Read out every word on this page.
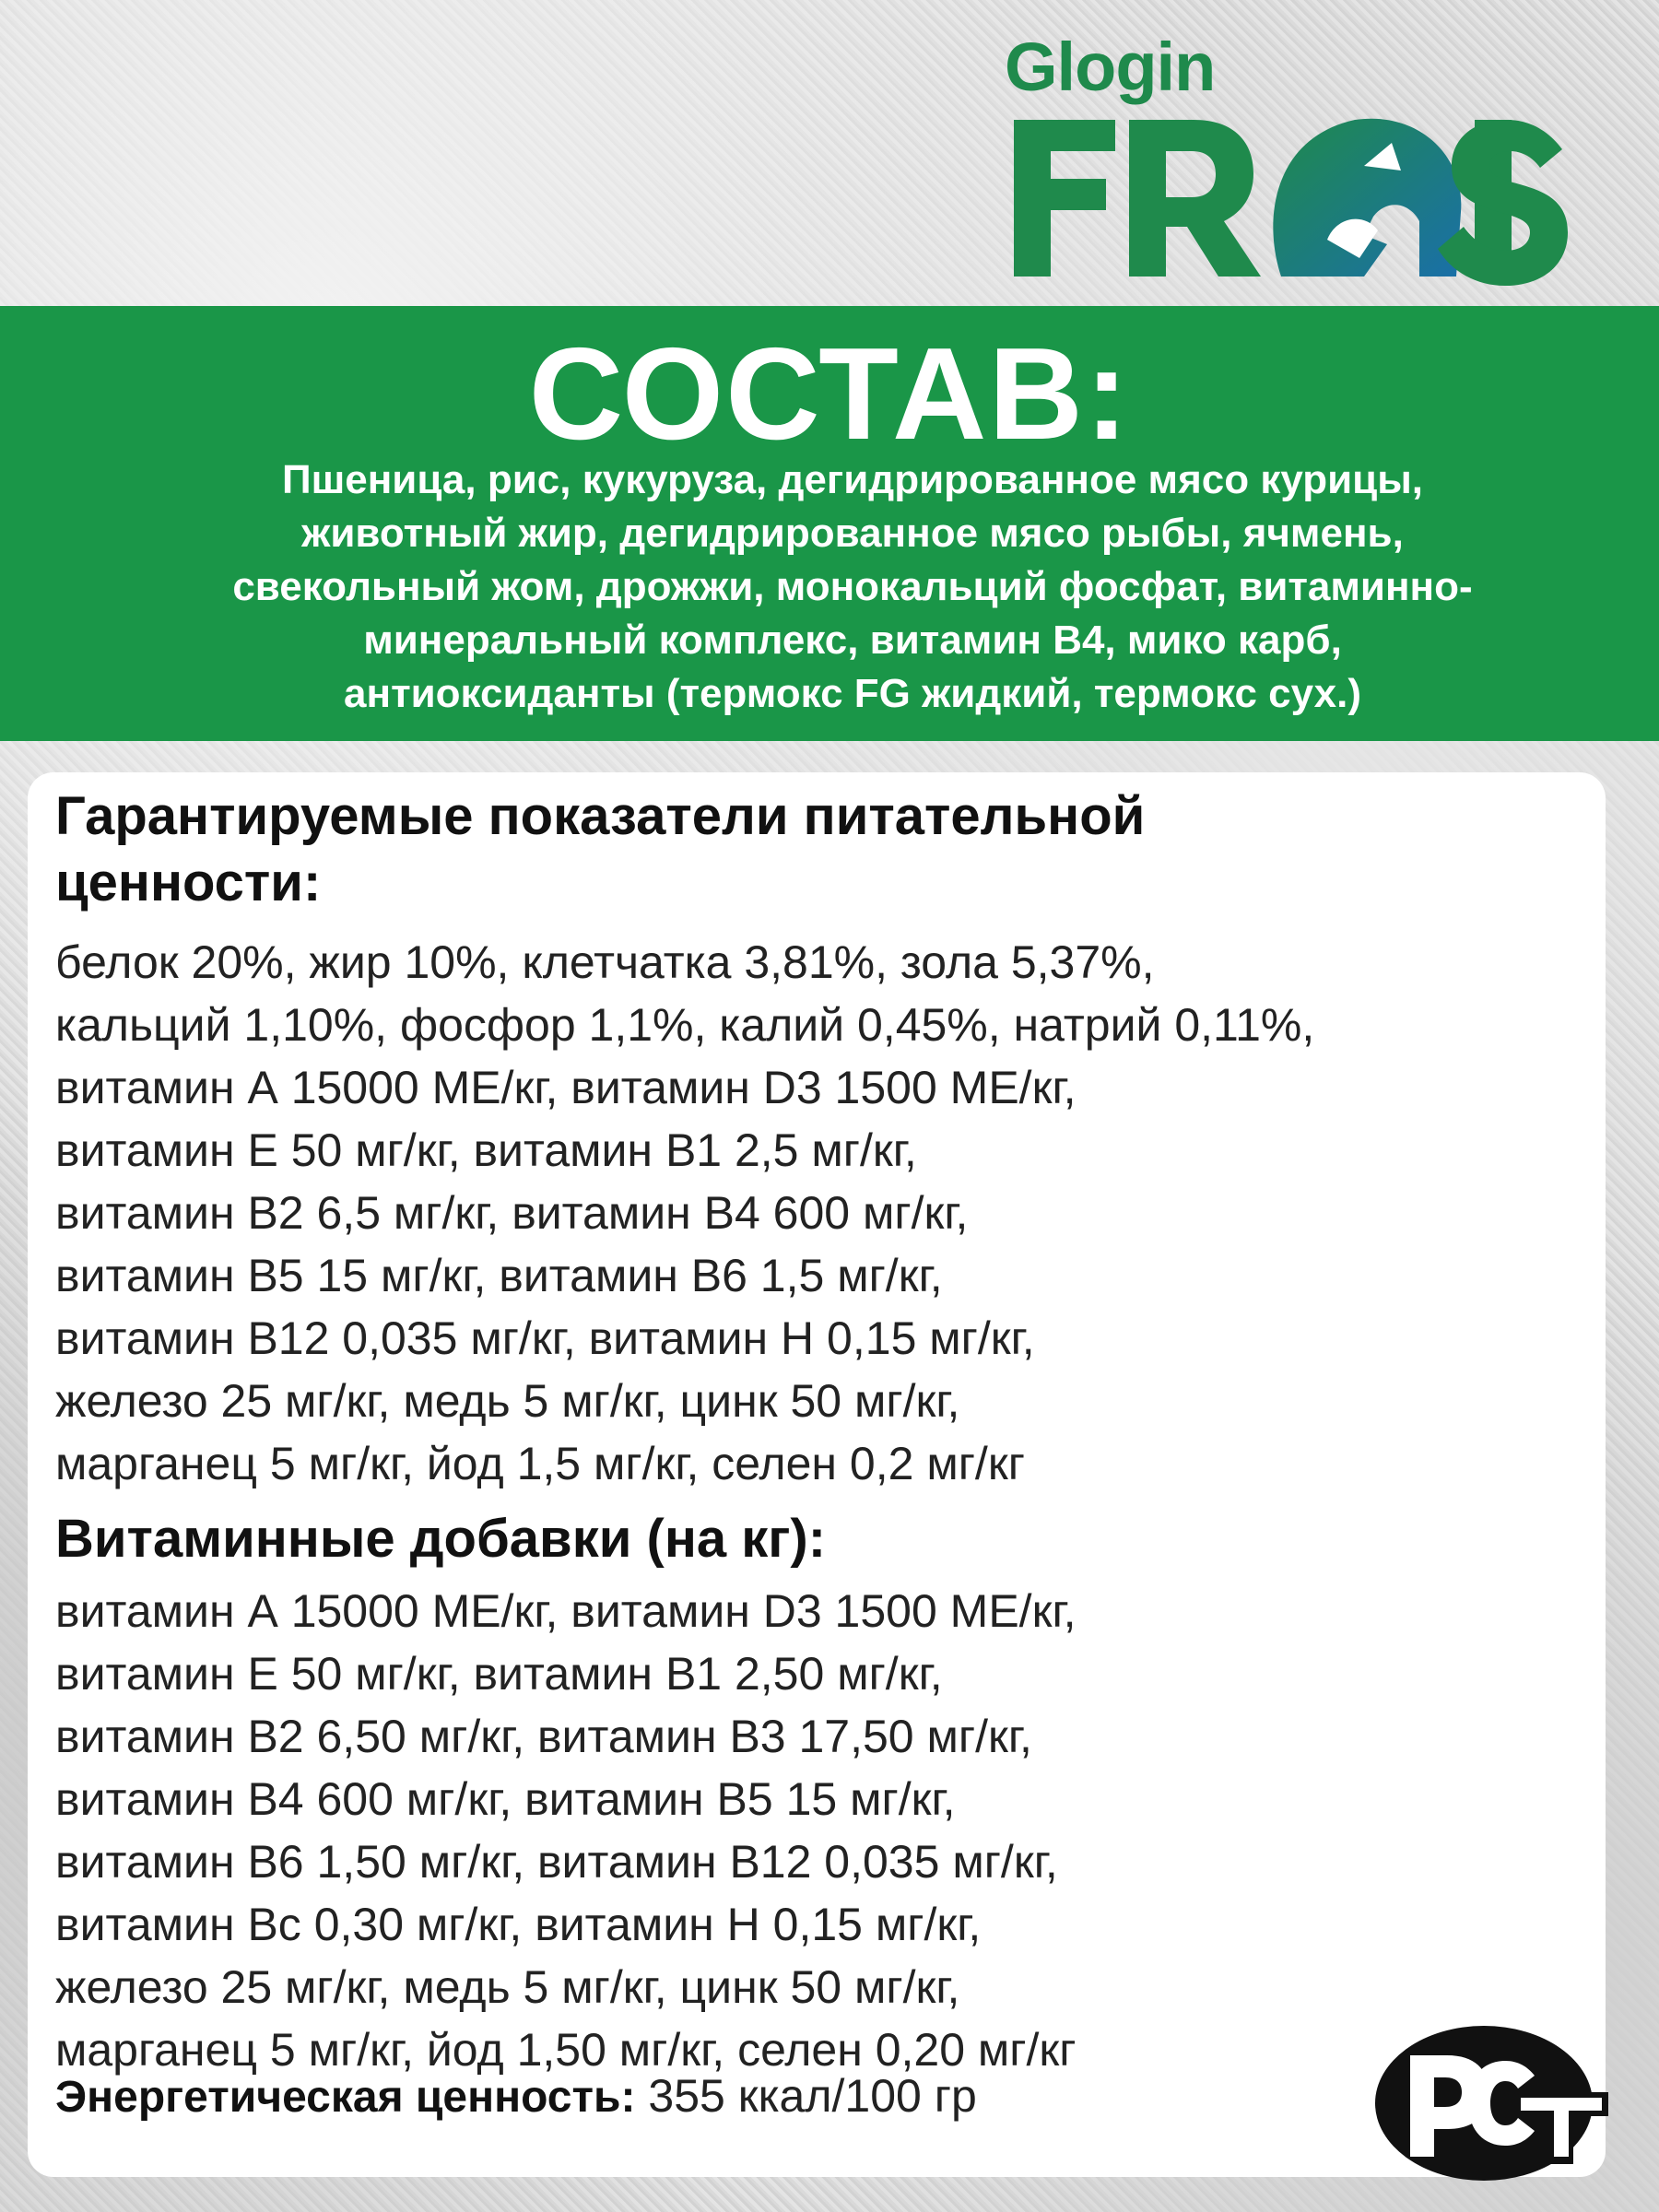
Glogin
СОСТАВ:
Пшеница, рис, кукуруза, дегидрированное мясо курицы,
животный жир, дегидрированное мясо рыбы, ячмень,
свекольный жом, дрожжи, монокальций фосфат, витаминно-
минеральный комплекс, витамин В4, мико карб,
антиоксиданты (термокс FG жидкий, термокс сух.)
Гарантируемые показатели питательной
ценности:
белок 20%, жир 10%, клетчатка 3,81%, зола 5,37%,
кальций 1,10%, фосфор 1,1%, калий 0,45%, натрий 0,11%,
витамин А 15000 МЕ/кг, витамин D3 1500 МЕ/кг,
витамин Е 50 мг/кг, витамин В1 2,5 мг/кг,
витамин В2 6,5 мг/кг, витамин В4 600 мг/кг,
витамин В5 15 мг/кг, витамин В6 1,5 мг/кг,
витамин В12 0,035 мг/кг, витамин Н 0,15 мг/кг,
железо 25 мг/кг, медь 5 мг/кг, цинк 50 мг/кг,
марганец 5 мг/кг, йод 1,5 мг/кг, селен 0,2 мг/кг
Витаминные добавки (на кг):
витамин А 15000 МЕ/кг, витамин D3 1500 МЕ/кг,
витамин Е 50 мг/кг, витамин В1 2,50 мг/кг,
витамин В2 6,50 мг/кг, витамин В3 17,50 мг/кг,
витамин В4 600 мг/кг, витамин В5 15 мг/кг,
витамин В6 1,50 мг/кг, витамин В12 0,035 мг/кг,
витамин Вс 0,30 мг/кг, витамин Н 0,15 мг/кг,
железо 25 мг/кг, медь 5 мг/кг, цинк 50 мг/кг,
марганец 5 мг/кг, йод 1,50 мг/кг, селен 0,20 мг/кг
Энергетическая ценность: 355 ккал/100 гр
